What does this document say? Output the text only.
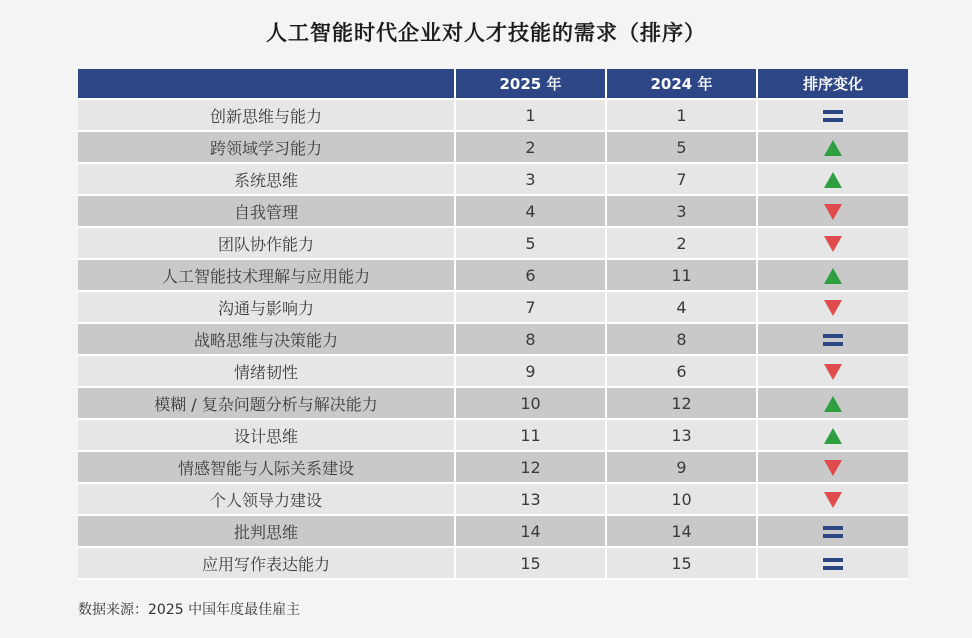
人工智能时代企业对人才技能的需求（排序）
	2025 年	2024 年	排序变化
创新思维与能力	1	1	

跨领域学习能力	2	5	

系统思维	3	7	

自我管理	4	3	

团队协作能力	5	2	

人工智能技术理解与应用能力	6	11	

沟通与影响力	7	4	

战略思维与决策能力	8	8	

情绪韧性	9	6	

模糊 / 复杂问题分析与解决能力	10	12	

设计思维	11	13	

情感智能与人际关系建设	12	9	

个人领导力建设	13	10	

批判思维	14	14	

应用写作表达能力	15	15	
数据来源：2025 中国年度最佳雇主
